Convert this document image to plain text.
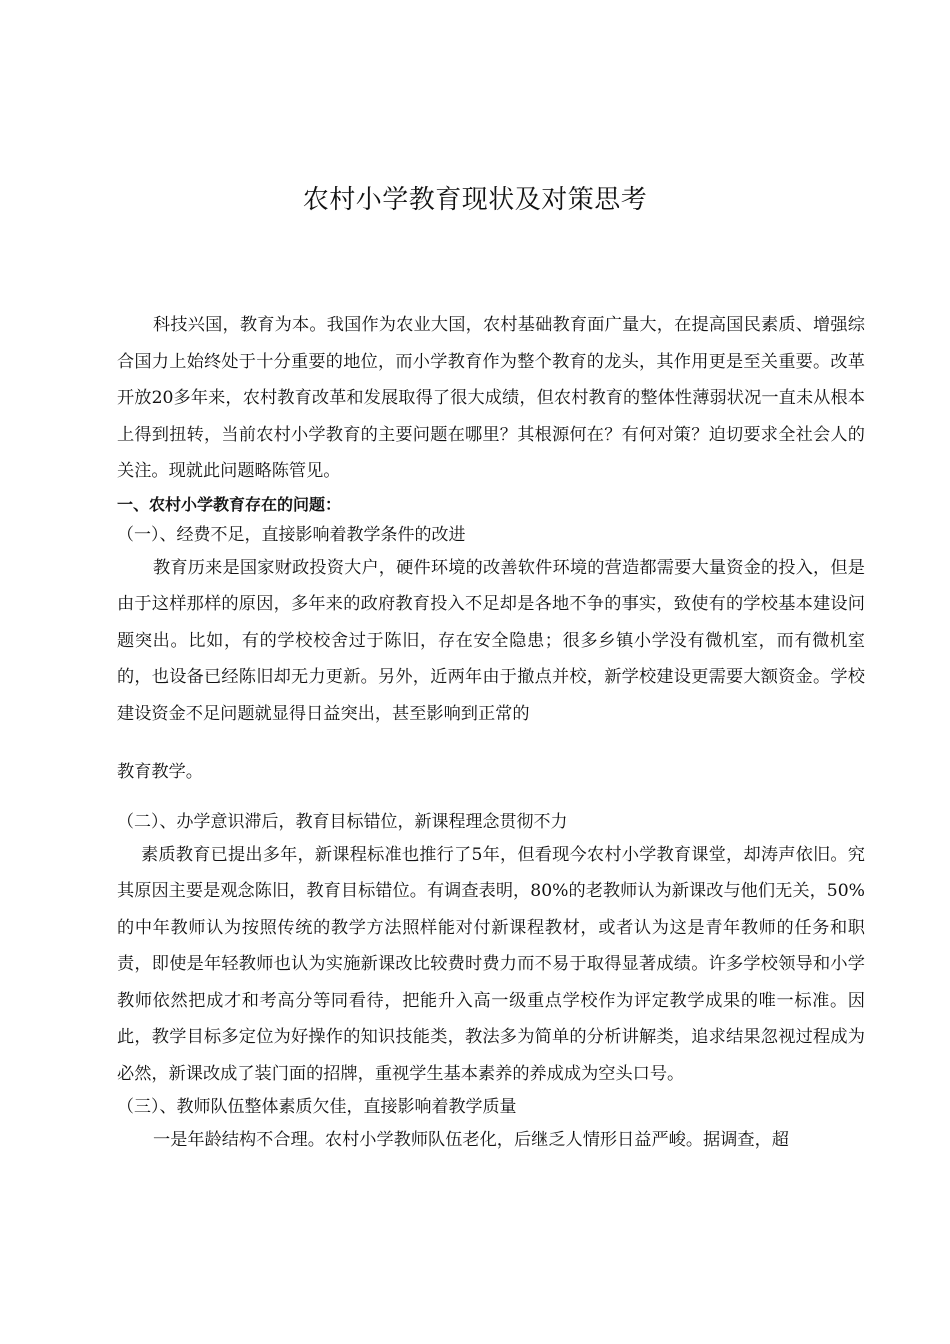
农村小学教育现状及对策思考

科技兴国，教育为本。我国作为农业大国，农村基础教育面广量大，在提高国民素质、增强综合国力上始终处于十分重要的地位，而小学教育作为整个教育的龙头，其作用更是至关重要。改革开放20多年来，农村教育改革和发展取得了很大成绩，但农村教育的整体性薄弱状况一直未从根本上得到扭转，当前农村小学教育的主要问题在哪里？其根源何在？有何对策？迫切要求全社会人的关注。现就此问题略陈管见。

一、农村小学教育存在的问题：

（一）、经费不足，直接影响着教学条件的改进

教育历来是国家财政投资大户，硬件环境的改善软件环境的营造都需要大量资金的投入，但是由于这样那样的原因，多年来的政府教育投入不足却是各地不争的事实，致使有的学校基本建设问题突出。比如，有的学校校舍过于陈旧，存在安全隐患；很多乡镇小学没有微机室，而有微机室的，也设备已经陈旧却无力更新。另外，近两年由于撤点并校，新学校建设更需要大额资金。学校建设资金不足问题就显得日益突出，甚至影响到正常的

教育教学。

（二）、办学意识滞后，教育目标错位，新课程理念贯彻不力

素质教育已提出多年，新课程标准也推行了5年，但看现今农村小学教育课堂，却涛声依旧。究其原因主要是观念陈旧，教育目标错位。有调查表明，80%的老教师认为新课改与他们无关，50%的中年教师认为按照传统的教学方法照样能对付新课程教材，或者认为这是青年教师的任务和职责，即使是年轻教师也认为实施新课改比较费时费力而不易于取得显著成绩。许多学校领导和小学教师依然把成才和考高分等同看待，把能升入高一级重点学校作为评定教学成果的唯一标准。因此，教学目标多定位为好操作的知识技能类，教法多为简单的分析讲解类，追求结果忽视过程成为必然，新课改成了装门面的招牌，重视学生基本素养的养成成为空头口号。

（三）、教师队伍整体素质欠佳，直接影响着教学质量

一是年龄结构不合理。农村小学教师队伍老化，后继乏人情形日益严峻。据调查，超
